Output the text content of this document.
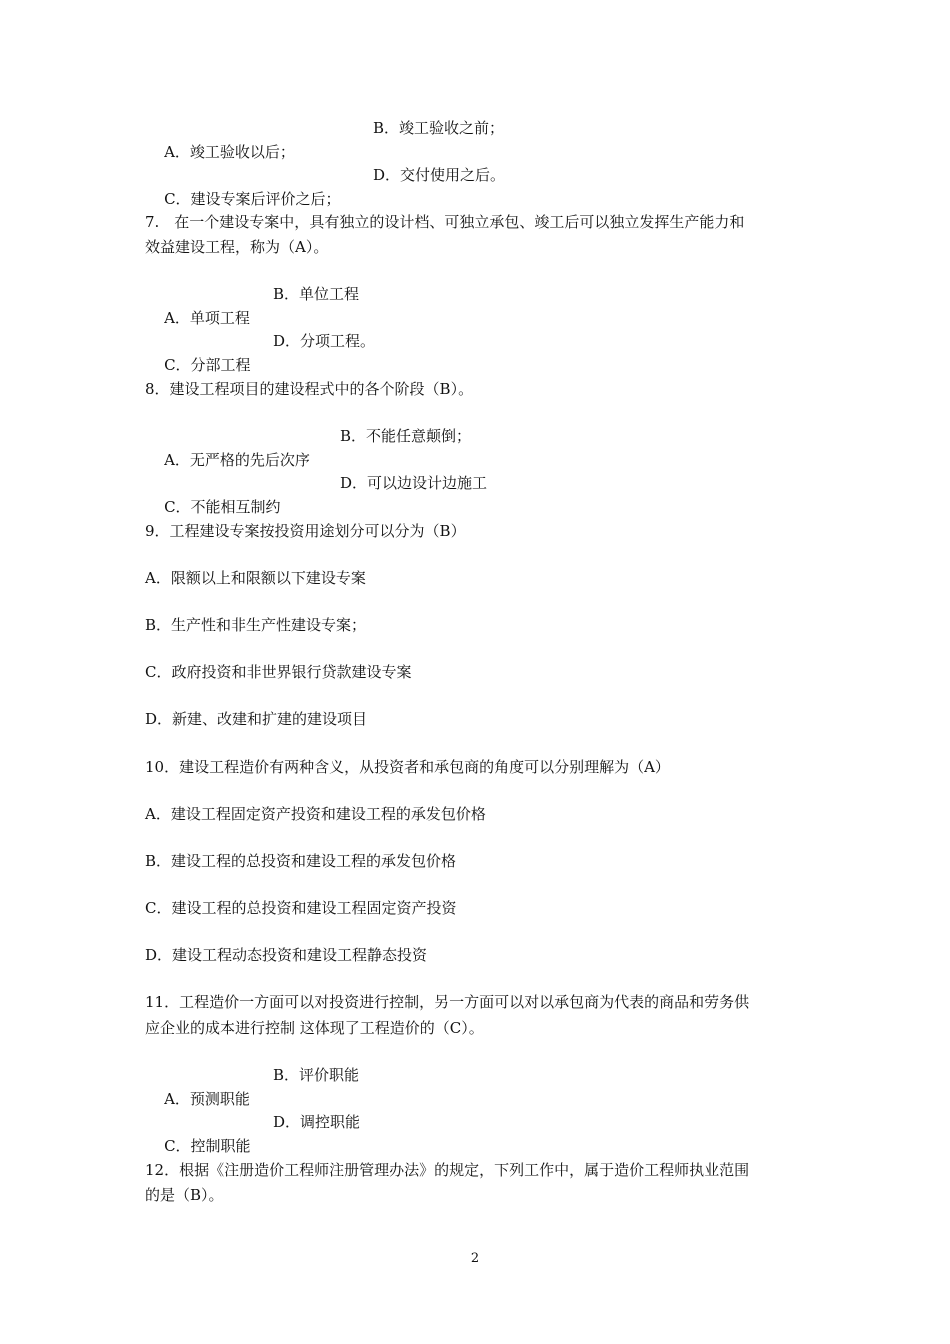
A．竣工验收以后；

B．竣工验收之前；

C．建设专案后评价之后；

D．交付使用之后。

7.　在一个建设专案中，具有独立的设计档、可独立承包、竣工后可以独立发挥生产能力和
效益建设工程，称为（A）。

A．单项工程

B．单位工程

C．分部工程

D．分项工程。

8．建设工程项目的建设程式中的各个阶段（B）。

A．无严格的先后次序

B．不能任意颠倒；

C．不能相互制约

D．可以边设计边施工

9．工程建设专案按投资用途划分可以分为（B）
A．限额以上和限额以下建设专案
B．生产性和非生产性建设专案；
C．政府投资和非世界银行贷款建设专案
D．新建、改建和扩建的建设项目
10．建设工程造价有两种含义，从投资者和承包商的角度可以分别理解为（A）
A．建设工程固定资产投资和建设工程的承发包价格
B．建设工程的总投资和建设工程的承发包价格
C．建设工程的总投资和建设工程固定资产投资
D．建设工程动态投资和建设工程静态投资
11．工程造价一方面可以对投资进行控制，另一方面可以对以承包商为代表的商品和劳务供
应企业的成本进行控制 这体现了工程造价的（C）。

A．预测职能

B．评价职能

C．控制职能

D．调控职能

12．根据《注册造价工程师注册管理办法》的规定，下列工作中，属于造价工程师执业范围
的是（B）。
2
